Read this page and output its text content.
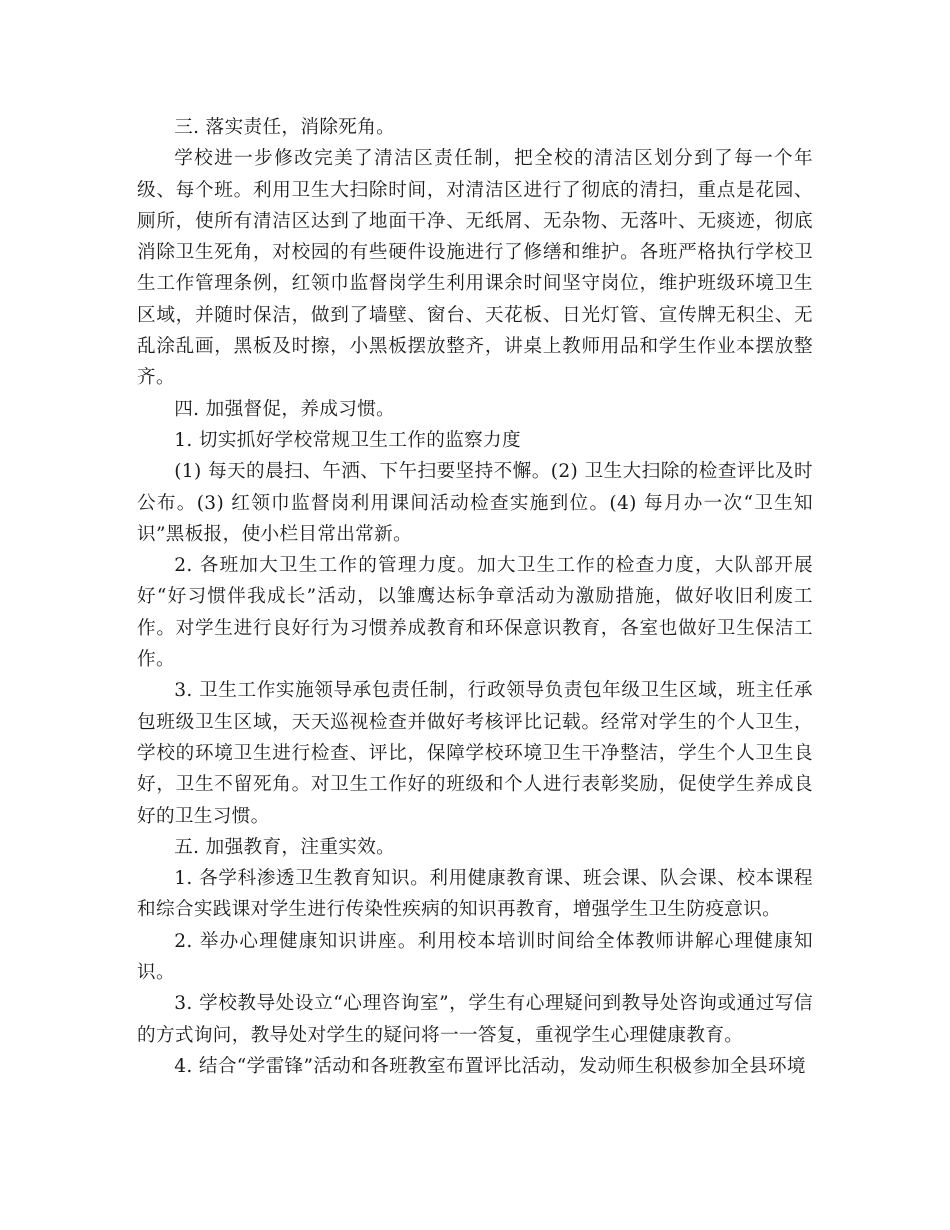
三. 落实责任，消除死角。

学校进一步修改完美了清洁区责任制，把全校的清洁区划分到了每一个年级、每个班。利用卫生大扫除时间，对清洁区进行了彻底的清扫，重点是花园、厕所，使所有清洁区达到了地面干净、无纸屑、无杂物、无落叶、无痰迹，彻底消除卫生死角，对校园的有些硬件设施进行了修缮和维护。各班严格执行学校卫生工作管理条例，红领巾监督岗学生利用课余时间坚守岗位，维护班级环境卫生区域，并随时保洁，做到了墙壁、窗台、天花板、日光灯管、宣传牌无积尘、无乱涂乱画，黑板及时擦，小黑板摆放整齐，讲桌上教师用品和学生作业本摆放整齐。

四. 加强督促，养成习惯。

1. 切实抓好学校常规卫生工作的监察力度

(1) 每天的晨扫、午洒、下午扫要坚持不懈。(2) 卫生大扫除的检查评比及时公布。(3) 红领巾监督岗利用课间活动检查实施到位。(4) 每月办一次“卫生知识”黑板报，使小栏目常出常新。

2. 各班加大卫生工作的管理力度。加大卫生工作的检查力度，大队部开展好“好习惯伴我成长”活动，以雏鹰达标争章活动为激励措施，做好收旧利废工作。对学生进行良好行为习惯养成教育和环保意识教育，各室也做好卫生保洁工作。

3. 卫生工作实施领导承包责任制，行政领导负责包年级卫生区域，班主任承包班级卫生区域，天天巡视检查并做好考核评比记载。经常对学生的个人卫生，学校的环境卫生进行检查、评比，保障学校环境卫生干净整洁，学生个人卫生良好，卫生不留死角。对卫生工作好的班级和个人进行表彰奖励，促使学生养成良好的卫生习惯。

五. 加强教育，注重实效。

1. 各学科渗透卫生教育知识。利用健康教育课、班会课、队会课、校本课程和综合实践课对学生进行传染性疾病的知识再教育，增强学生卫生防疫意识。

2. 举办心理健康知识讲座。利用校本培训时间给全体教师讲解心理健康知识。

3. 学校教导处设立“心理咨询室”，学生有心理疑问到教导处咨询或通过写信的方式询问，教导处对学生的疑问将一一答复，重视学生心理健康教育。

4. 结合“学雷锋”活动和各班教室布置评比活动，发动师生积极参加全县环境
